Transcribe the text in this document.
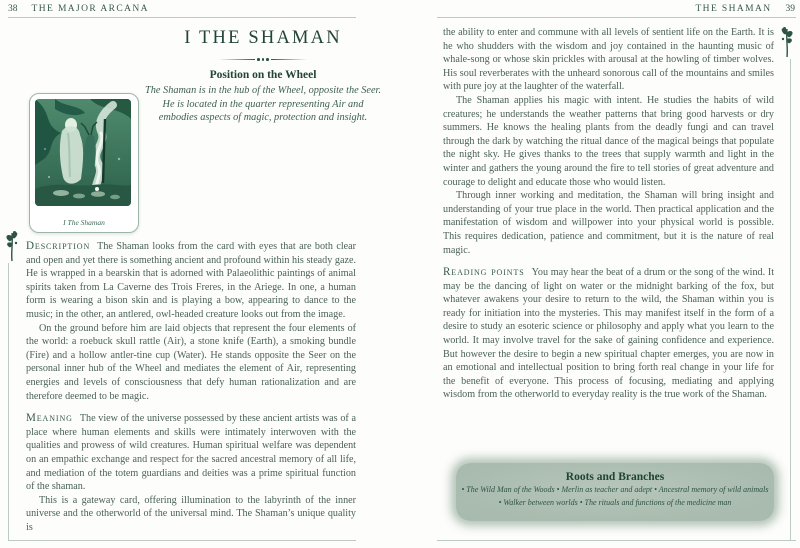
38 THE MAJOR ARCANA	THE SHAMAN 39
I The Shaman
I THE SHAMAN
Position on the Wheel
The Shaman is in the hub of the Wheel, opposite the Seer. He is located in the quarter representing Air and embodies aspects of magic, protection and insight.

Description The Shaman looks from the card with eyes that are both clear and open and yet there is something ancient and profound within his steady gaze. He is wrapped in a bearskin that is adorned with Palaeolithic paintings of animal spirits taken from La Caverne des Trois Freres, in the Ariege. In one, a human form is wearing a bison skin and is playing a bow, appearing to dance to the music; in the other, an antlered, owl-headed creature looks out from the image.

On the ground before him are laid objects that represent the four elements of the world: a roebuck skull rattle (Air), a stone knife (Earth), a smoking bundle (Fire) and a hollow antler-tine cup (Water). He stands opposite the Seer on the personal inner hub of the Wheel and mediates the element of Air, representing energies and levels of consciousness that defy human rationalization and are therefore deemed to be magic.

Meaning The view of the universe possessed by these ancient artists was of a place where human elements and skills were intimately interwoven with the qualities and prowess of wild creatures. Human spiritual welfare was dependent on an empathic exchange and respect for the sacred ancestral memory of all life, and mediation of the totem guardians and deities was a prime spiritual function of the shaman.

This is a gateway card, offering illumination to the labyrinth of the inner universe and the otherworld of the universal mind. The Shaman’s unique quality is

the ability to enter and commune with all levels of sentient life on the Earth. It is he who shudders with the wisdom and joy contained in the haunting music of whale-song or whose skin prickles with arousal at the howling of timber wolves. His soul reverberates with the unheard sonorous call of the mountains and smiles with pure joy at the laughter of the waterfall.

The Shaman applies his magic with intent. He studies the habits of wild creatures; he understands the weather patterns that bring good harvests or dry summers. He knows the healing plants from the deadly fungi and can travel through the dark by watching the ritual dance of the magical beings that populate the night sky. He gives thanks to the trees that supply warmth and light in the winter and gathers the young around the fire to tell stories of great adventure and courage to delight and educate those who would listen.

Through inner working and meditation, the Shaman will bring insight and understanding of your true place in the world. Then practical application and the manifestation of wisdom and willpower into your physical world is possible. This requires dedication, patience and commitment, but it is the nature of real magic.

Reading points You may hear the beat of a drum or the song of the wind. It may be the dancing of light on water or the midnight barking of the fox, but whatever awakens your desire to return to the wild, the Shaman within you is ready for initiation into the mysteries. This may manifest itself in the form of a desire to study an esoteric science or philosophy and apply what you learn to the world. It may involve travel for the sake of gaining confidence and experience. But however the desire to begin a new spiritual chapter emerges, you are now in an emotional and intellectual position to bring forth real change in your life for the benefit of everyone. This process of focusing, mediating and applying wisdom from the otherworld to everyday reality is the true work of the Shaman.

Roots and Branches
• The Wild Man of the Woods • Merlin as teacher and adept • Ancestral memory of wild animals
• Walker between worlds • The rituals and functions of the medicine man
